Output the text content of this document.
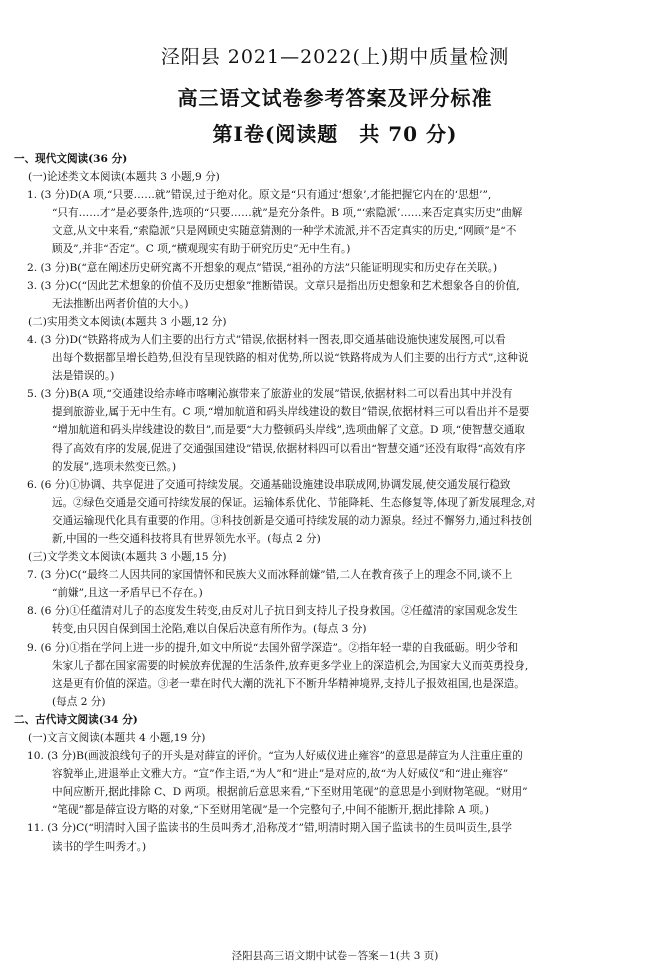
泾阳县 2021—2022(上)期中质量检测
高三语文试卷参考答案及评分标准
第Ⅰ卷(阅读题　共 70 分)
一、现代文阅读(36 分)
(一)论述类文本阅读(本题共 3 小题,9 分)
1. (3 分)D(A 项,“只要……就”错误,过于绝对化。原文是“只有通过‘想象’,才能把握它内在的‘思想’”,
“只有……才”是必要条件,选项的“只要……就”是充分条件。B 项,“‘索隐派’……来否定真实历史”曲解
文意,从文中来看,“索隐派”只是网顾史实随意猜测的一种学术流派,并不否定真实的历史,“网顾”是“不
顾及”,并非“否定”。C 项,“横观现实有助于研究历史”无中生有。)
2. (3 分)B(“意在阐述历史研究离不开想象的观点”错误,“祖孙的方法”只能证明现实和历史存在关联。)
3. (3 分)C(“因此艺术想象的价值不及历史想象”推断错误。文章只是指出历史想象和艺术想象各自的价值,
无法推断出两者价值的大小。)
(二)实用类文本阅读(本题共 3 小题,12 分)
4. (3 分)D(“铁路将成为人们主要的出行方式”错误,依据材料一图表,即交通基础设施快速发展图,可以看
出每个数据都呈增长趋势,但没有呈现铁路的相对优势,所以说“铁路将成为人们主要的出行方式”,这种说
法是错误的。)
5. (3 分)B(A 项,“交通建设给赤峰市喀喇沁旗带来了旅游业的发展”错误,依据材料二可以看出其中并没有
提到旅游业,属于无中生有。C 项,“增加航道和码头岸线建设的数目”错误,依据材料三可以看出并不是要
“增加航道和码头岸线建设的数目”,而是要“大力整顿码头岸线”,选项曲解了文意。D 项,“使智慧交通取
得了高效有序的发展,促进了交通强国建设”错误,依据材料四可以看出“智慧交通”还没有取得“高效有序
的发展”,选项未然变已然。)
6. (6 分)①协调、共享促进了交通可持续发展。交通基础设施建设串联成网,协调发展,使交通发展行稳致
远。②绿色交通是交通可持续发展的保证。运输体系优化、节能降耗、生态修复等,体现了新发展理念,对
交通运输现代化具有重要的作用。③科技创新是交通可持续发展的动力源泉。经过不懈努力,通过科技创
新,中国的一些交通科技将具有世界领先水平。(每点 2 分)
(三)文学类文本阅读(本题共 3 小题,15 分)
7. (3 分)C(“最终二人因共同的家国情怀和民族大义而冰释前嫌”错,二人在教育孩子上的理念不同,谈不上
“前嫌”,且这一矛盾早已不存在。)
8. (6 分)①任蕴清对儿子的态度发生转变,由反对儿子抗日到支持儿子投身救国。②任蕴清的家国观念发生
转变,由只因自保到国土沦陷,难以自保后决意有所作为。(每点 3 分)
9. (6 分)①指在学问上进一步的提升,如文中所说“去国外留学深造”。②指年轻一辈的自我砥砺。明少爷和
朱家儿子都在国家需要的时候放弃优渥的生活条件,放弃更多学业上的深造机会,为国家大义而英勇投身,
这是更有价值的深造。③老一辈在时代大潮的洗礼下不断升华精神境界,支持儿子报效祖国,也是深造。
(每点 2 分)
二、古代诗文阅读(34 分)
(一)文言文阅读(本题共 4 小题,19 分)
10. (3 分)B(画波浪线句子的开头是对薛宣的评价。“宣为人好威仪进止雍容”的意思是薛宣为人注重庄重的
容貌举止,进退举止文雅大方。“宣”作主语,“为人”和“进止”是对应的,故“为人好威仪”和“进止雍容”
中间应断开,据此排除 C、D 两项。根据前后意思来看,“下至财用笔砚”的意思是小到财物笔砚。“财用”
“笔砚”都是薛宣设方略的对象,“下至财用笔砚”是一个完整句子,中间不能断开,据此排除 A 项。)
11. (3 分)C(“明清时入国子监读书的生员叫秀才,沿称茂才”错,明清时期入国子监读书的生员叫贡生,县学
读书的学生叫秀才。)
泾阳县高三语文期中试卷－答案－1(共 3 页)
